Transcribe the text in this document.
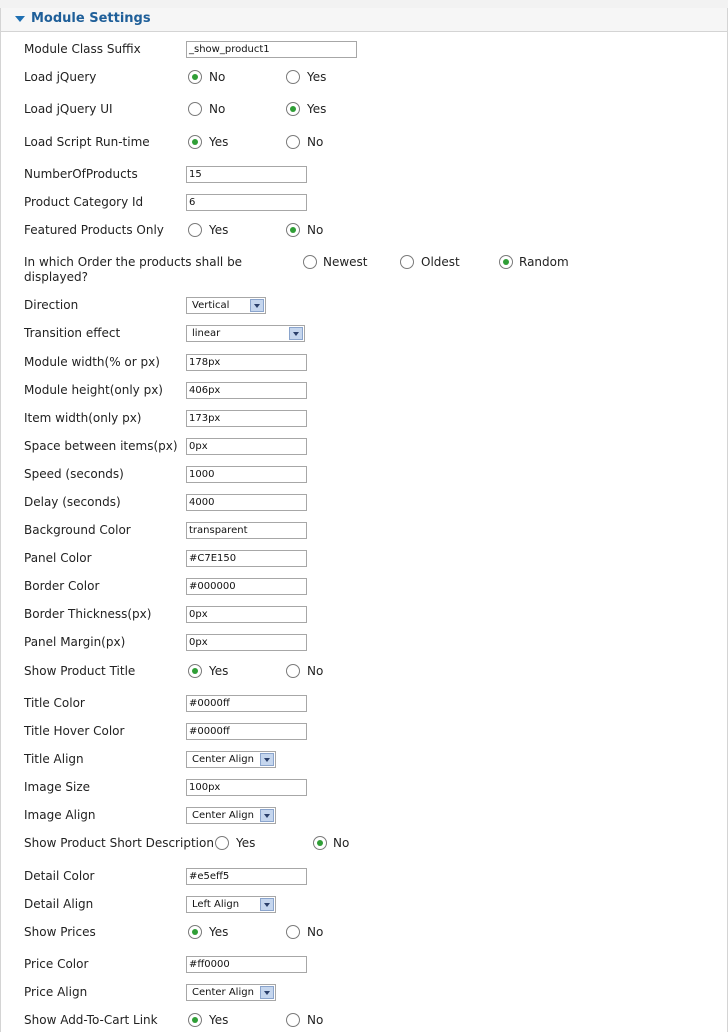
Module Settings
Module Class Suffix	_show_product1
Load jQuery	No	Yes
Load jQuery UI	No	Yes
Load Script Run-time	Yes	No
NumberOfProducts	15
Product Category Id	6
Featured Products Only	Yes	No
In which Order the products shall be displayed?
Newest	Oldest	Random
Direction	Vertical
Transition effect	linear
Module width(% or px)	178px
Module height(only px)	406px
Item width(only px)	173px
Space between items(px)	0px
Speed (seconds)	1000
Delay (seconds)	4000
Background Color	transparent
Panel Color	#C7E150
Border Color	#000000
Border Thickness(px)	0px
Panel Margin(px)	0px
Show Product Title	Yes	No
Title Color	#0000ff
Title Hover Color	#0000ff
Title Align	Center Align
Image Size	100px
Image Align	Center Align
Show Product Short Description Yes	No
Detail Color	#e5eff5
Detail Align	Left Align
Show Prices	Yes	No
Price Color	#ff0000
Price Align	Center Align
Show Add-To-Cart Link	Yes	No
